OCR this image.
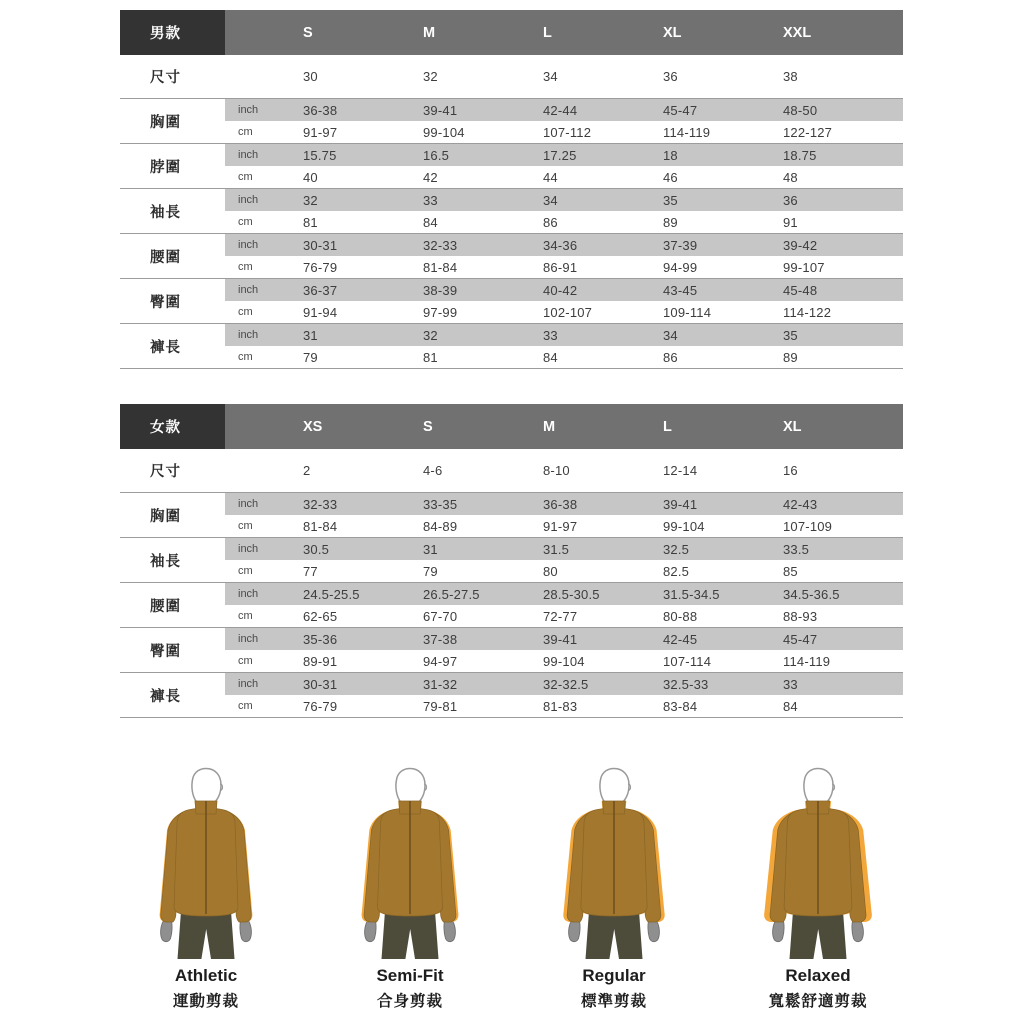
男款	S	M	L	XL	XXL
尺寸	30	32	34	36	38
胸圍
inch	36-38	39-41	42-44	45-47	48-50
cm	91-97	99-104	107-112	114-119	122-127
脖圍
inch	15.75	16.5	17.25	18	18.75
cm	40	42	44	46	48
袖長
inch	32	33	34	35	36
cm	81	84	86	89	91
腰圍
inch	30-31	32-33	34-36	37-39	39-42
cm	76-79	81-84	86-91	94-99	99-107
臀圍
inch	36-37	38-39	40-42	43-45	45-48
cm	91-94	97-99	102-107	109-114	114-122
褲長
inch	31	32	33	34	35
cm	79	81	84	86	89
女款	XS	S	M	L	XL
尺寸	2	4-6	8-10	12-14	16
胸圍
inch	32-33	33-35	36-38	39-41	42-43
cm	81-84	84-89	91-97	99-104	107-109
袖長
inch	30.5	31	31.5	32.5	33.5
cm	77	79	80	82.5	85
腰圍
inch	24.5-25.5	26.5-27.5	28.5-30.5	31.5-34.5	34.5-36.5
cm	62-65	67-70	72-77	80-88	88-93
臀圍
inch	35-36	37-38	39-41	42-45	45-47
cm	89-91	94-97	99-104	107-114	114-119
褲長
inch	30-31	31-32	32-32.5	32.5-33	33
cm	76-79	79-81	81-83	83-84	84
Athletic
運動剪裁
Semi-Fit
合身剪裁
Regular
標準剪裁
Relaxed
寬鬆舒適剪裁
